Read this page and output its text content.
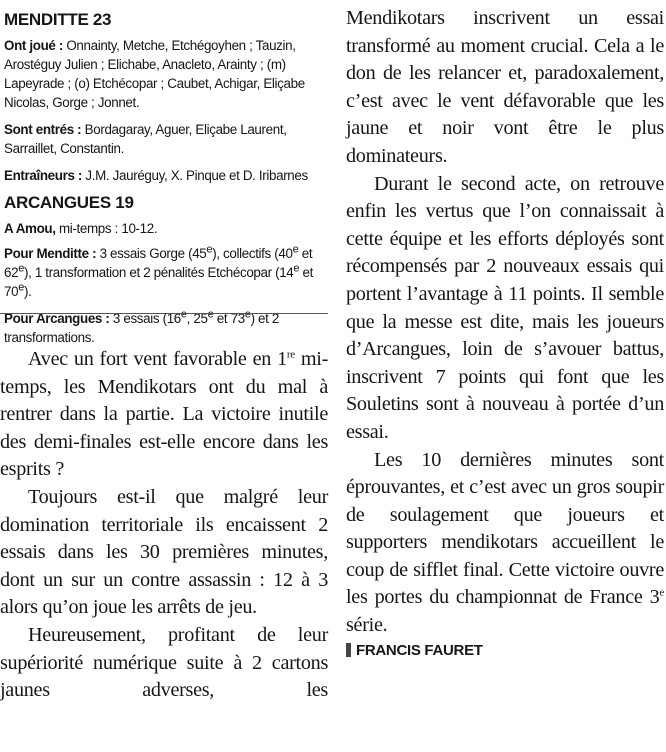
MENDITTE 23

Ont joué : Onnainty, Metche, Etchégoyhen ; Tauzin, Arostéguy Julien ; Elichabe, Anacleto, Arainty ; (m) Lapeyrade ; (o) Etchécopar ; Caubet, Achigar, Eliçabe Nicolas, Gorge ; Jonnet.

Sont entrés : Bordagaray, Aguer, Eliçabe Laurent, Sarraillet, Constantin.

Entraîneurs : J.M. Jauréguy, X. Pinque et D. Iribarnes

ARCANGUES 19

A Amou, mi-temps : 10-12.

Pour Menditte : 3 essais Gorge (45e), collectifs (40e et 62e), 1 transformation et 2 pénalités Etchécopar (14e et 70e).

Pour Arcangues : 3 essais (16e, 25e et 73e) et 2 transformations.

Avec un fort vent favorable en 1re mi-temps, les Mendikotars ont du mal à rentrer dans la partie. La victoire inutile des demi-finales est-elle encore dans les esprits ?

Toujours est-il que malgré leur domination territoriale ils encaissent 2 essais dans les 30 premières minutes, dont un sur un contre assassin : 12 à 3 alors qu’on joue les arrêts de jeu.

Heureusement, profitant de leur supériorité numérique suite à 2 cartons jaunes adverses, les

Mendikotars inscrivent un essai transformé au moment crucial. Cela a le don de les relancer et, paradoxalement, c’est avec le vent défavorable que les jaune et noir vont être le plus dominateurs.

Durant le second acte, on retrouve enfin les vertus que l’on connaissait à cette équipe et les efforts déployés sont récompensés par 2 nouveaux essais qui portent l’avantage à 11 points. Il semble que la messe est dite, mais les joueurs d’Arcangues, loin de s’avouer battus, inscrivent 7 points qui font que les Souletins sont à nouveau à portée d’un essai.

Les 10 dernières minutes sont éprouvantes, et c’est avec un gros soupir de soulagement que joueurs et supporters mendikotars accueillent le coup de sifflet final. Cette victoire ouvre les portes du championnat de France 3e série.

FRANCIS FAURET
